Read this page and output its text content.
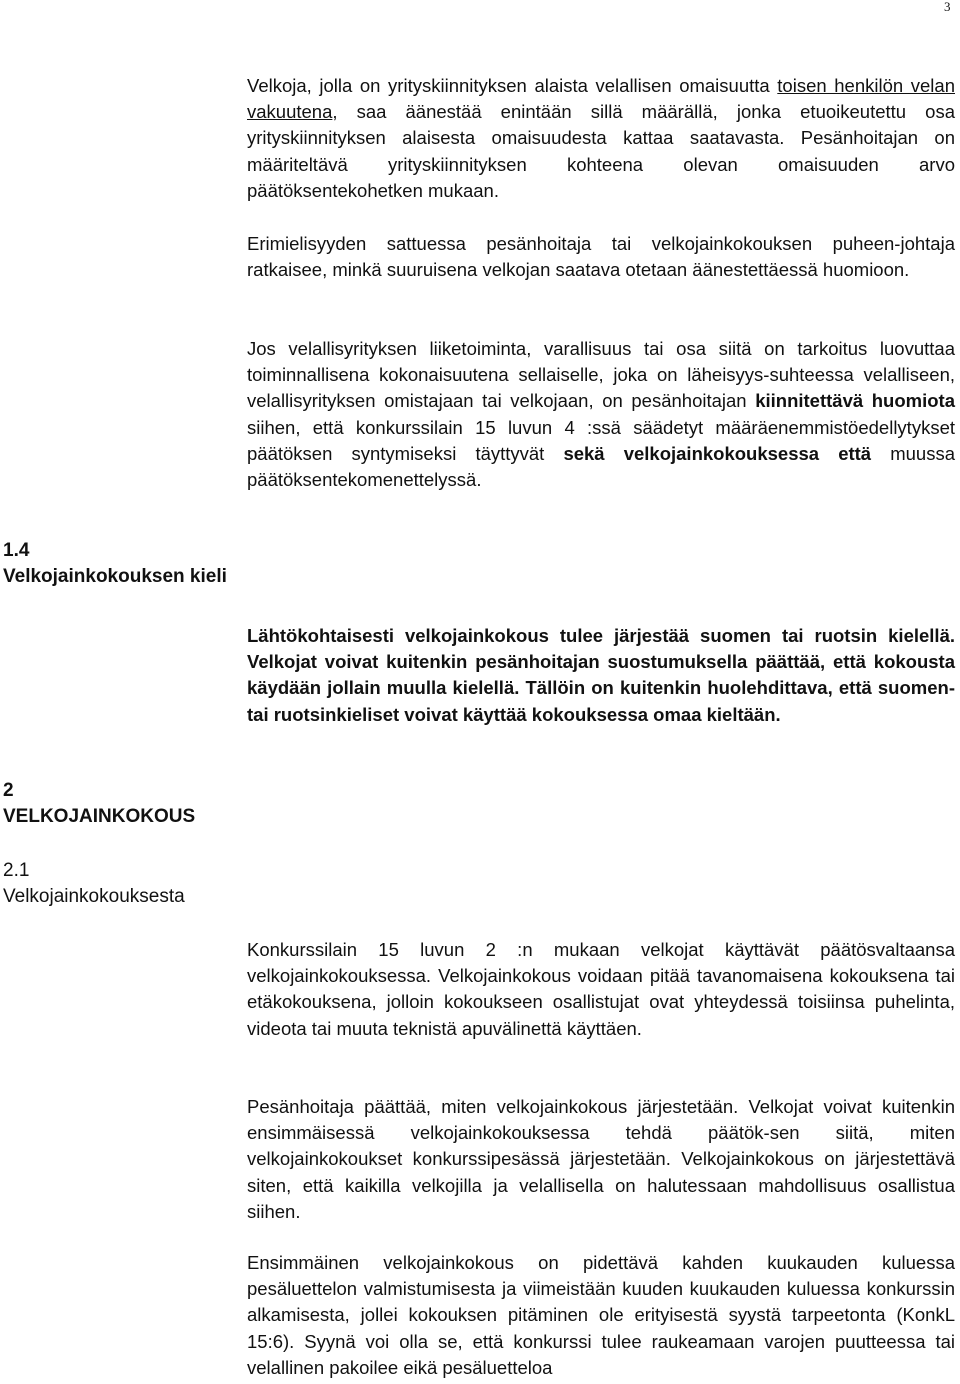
3

Velkoja, jolla on yrityskiinnityksen alaista velallisen omaisuutta toisen henkilön velan vakuutena, saa äänestää enintään sillä määrällä, jonka etuoikeutettu osa yrityskiinnityksen alaisesta omaisuudesta kattaa saatavasta. Pesänhoitajan on määriteltävä yrityskiinnityksen kohteena olevan omaisuuden arvo päätöksentekohetken mukaan.

Erimielisyyden sattuessa pesänhoitaja tai velkojainkokouksen puheen-johtaja ratkaisee, minkä suuruisena velkojan saatava otetaan äänestettäessä huomioon.

Jos velallisyrityksen liiketoiminta, varallisuus tai osa siitä on tarkoitus luovuttaa toiminnallisena kokonaisuutena sellaiselle, joka on läheisyys-suhteessa velalliseen, velallisyrityksen omistajaan tai velkojaan, on pesänhoitajan kiinnitettävä huomiota siihen, että konkurssilain 15 luvun 4 :ssä säädetyt määräenemmistöedellytykset päätöksen syntymiseksi täyttyvät sekä velkojainkokouksessa että muussa päätöksentekomenettelyssä.

1.4
Velkojainkokouksen kieli

Lähtökohtaisesti velkojainkokous tulee järjestää suomen tai ruotsin kielellä. Velkojat voivat kuitenkin pesänhoitajan suostumuksella päättää, että kokousta käydään jollain muulla kielellä. Tällöin on kuitenkin huolehdittava, että suomen- tai ruotsinkieliset voivat käyttää kokouksessa omaa kieltään.

2
VELKOJAINKOKOUS
2.1
Velkojainkokouksesta

Konkurssilain 15 luvun 2 :n mukaan velkojat käyttävät päätösvaltaansa velkojainkokouksessa. Velkojainkokous voidaan pitää tavanomaisena kokouksena tai etäkokouksena, jolloin kokoukseen osallistujat ovat yhteydessä toisiinsa puhelinta, videota tai muuta teknistä apuvälinettä käyttäen.

Pesänhoitaja päättää, miten velkojainkokous järjestetään. Velkojat voivat kuitenkin ensimmäisessä velkojainkokouksessa tehdä päätök-sen siitä, miten velkojainkokoukset konkurssipesässä järjestetään. Velkojainkokous on järjestettävä siten, että kaikilla velkojilla ja velallisella on halutessaan mahdollisuus osallistua siihen.

Ensimmäinen velkojainkokous on pidettävä kahden kuukauden kuluessa pesäluettelon valmistumisesta ja viimeistään kuuden kuukauden kuluessa konkurssin alkamisesta, jollei kokouksen pitäminen ole erityisestä syystä tarpeetonta (KonkL 15:6). Syynä voi olla se, että konkurssi tulee raukeamaan varojen puutteessa tai velallinen pakoilee eikä pesäluetteloa
